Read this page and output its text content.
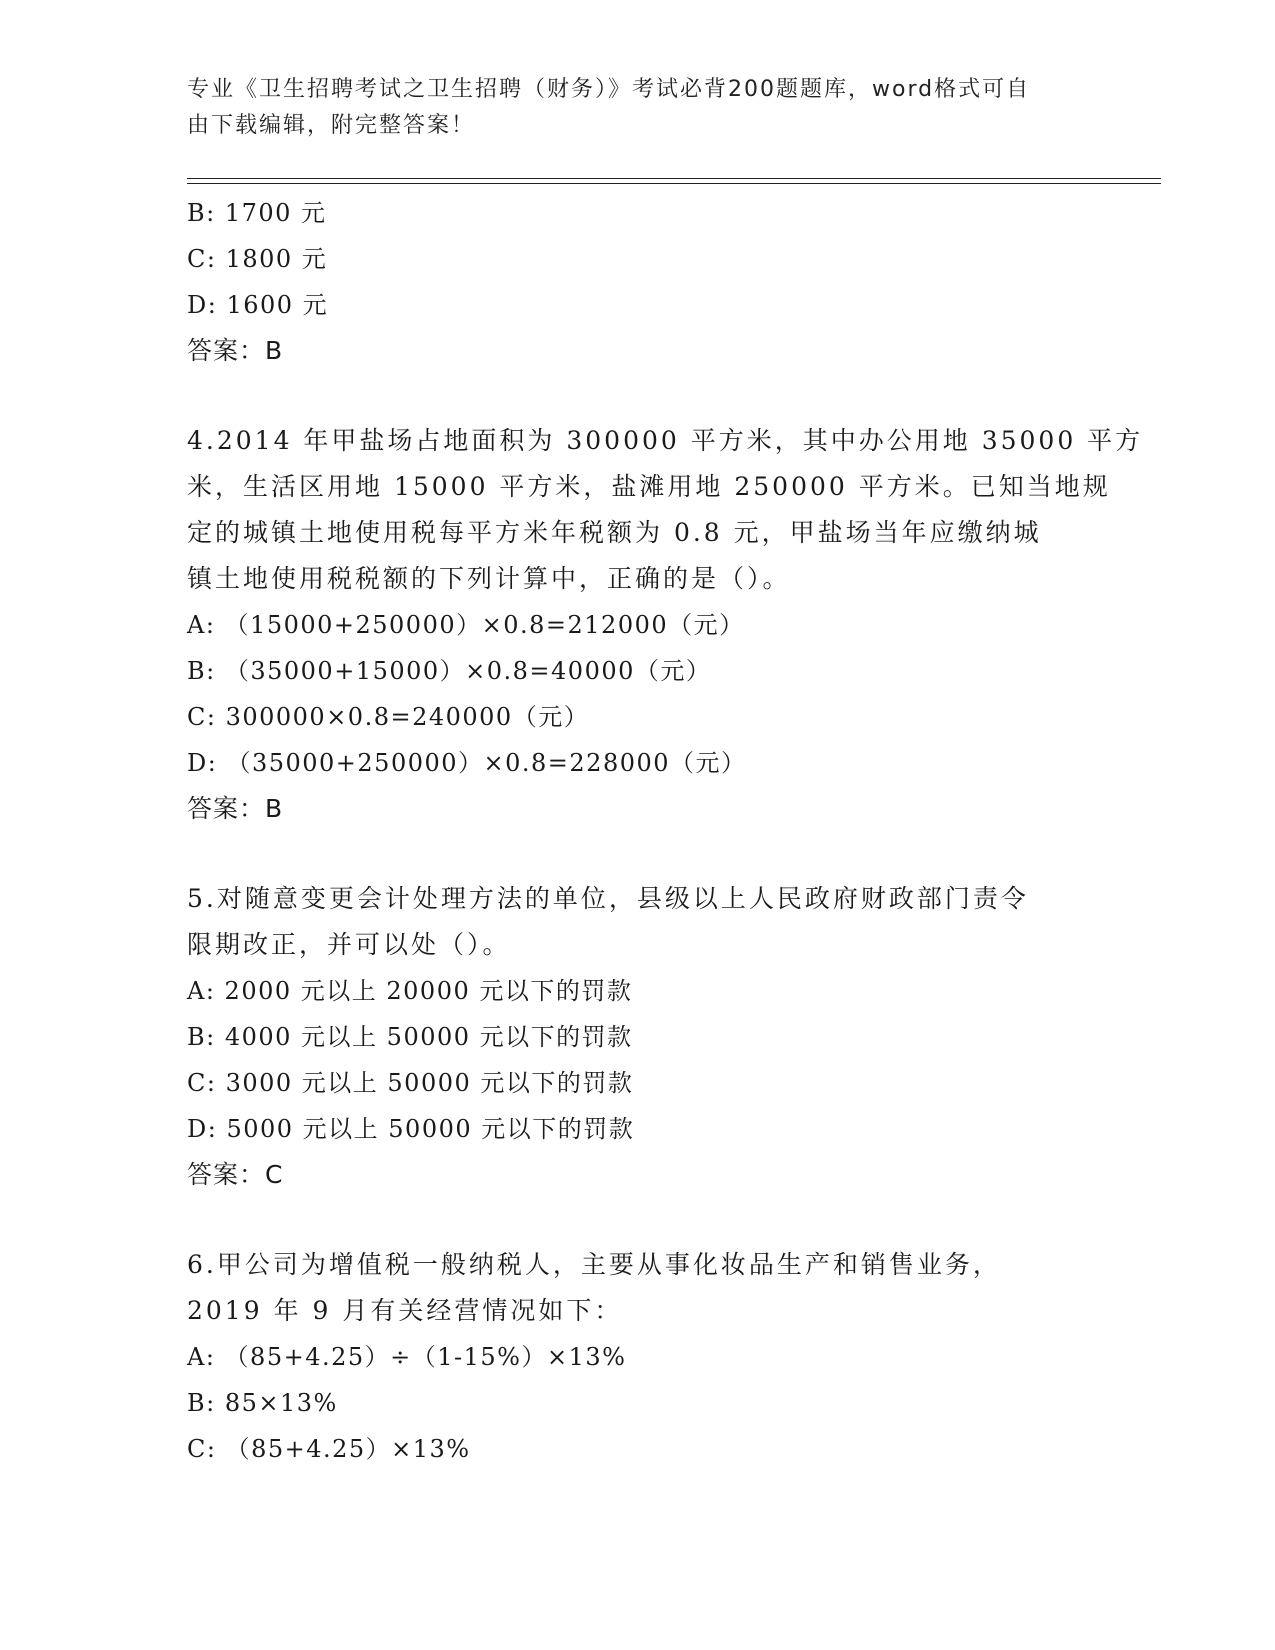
专业《卫生招聘考试之卫生招聘（财务）》考试必背200题题库，word格式可自
由下载编辑，附完整答案！
B: 1700 元
C: 1800 元
D: 1600 元
答案：B
4.2014 年甲盐场占地面积为 300000 平方米，其中办公用地 35000 平方
米，生活区用地 15000 平方米，盐滩用地 250000 平方米。已知当地规
定的城镇土地使用税每平方米年税额为 0.8 元，甲盐场当年应缴纳城
镇土地使用税税额的下列计算中，正确的是（）。
A: （15000+250000）×0.8=212000（元）
B: （35000+15000）×0.8=40000（元）
C: 300000×0.8=240000（元）
D: （35000+250000）×0.8=228000（元）
答案：B
5.对随意变更会计处理方法的单位，县级以上人民政府财政部门责令
限期改正，并可以处（）。
A: 2000 元以上 20000 元以下的罚款
B: 4000 元以上 50000 元以下的罚款
C: 3000 元以上 50000 元以下的罚款
D: 5000 元以上 50000 元以下的罚款
答案：C
6.甲公司为增值税一般纳税人，主要从事化妆品生产和销售业务，
2019 年 9 月有关经营情况如下：
A: （85+4.25）÷（1-15%）×13%
B: 85×13%
C: （85+4.25）×13%
